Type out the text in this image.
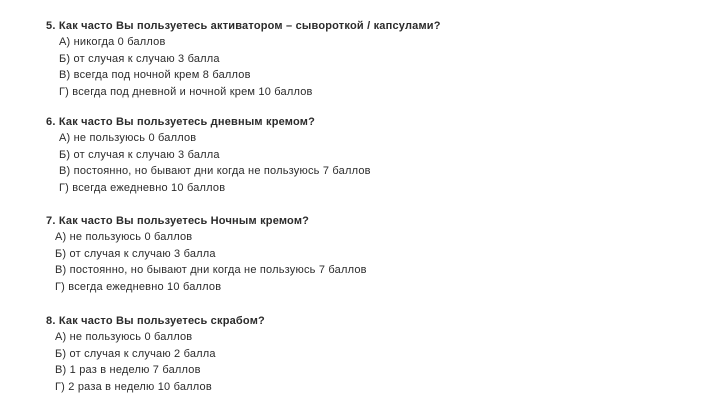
5. Как часто Вы пользуетесь активатором – сывороткой / капсулами?
А) никогда 0 баллов
Б) от случая к случаю 3 балла
В) всегда под ночной крем 8 баллов
Г) всегда под дневной и ночной крем 10 баллов
6. Как часто Вы пользуетесь дневным кремом?
А) не пользуюсь 0 баллов
Б) от случая к случаю 3 балла
В) постоянно, но бывают дни когда не пользуюсь 7 баллов
Г) всегда ежедневно 10 баллов
7. Как часто Вы пользуетесь Ночным кремом?
А) не пользуюсь 0 баллов
Б) от случая к случаю 3 балла
В) постоянно, но бывают дни когда не пользуюсь 7 баллов
Г) всегда ежедневно 10 баллов
8. Как часто Вы пользуетесь скрабом?
А) не пользуюсь 0 баллов
Б) от случая к случаю 2 балла
В) 1 раз в неделю 7 баллов
Г) 2 раза в неделю 10 баллов
